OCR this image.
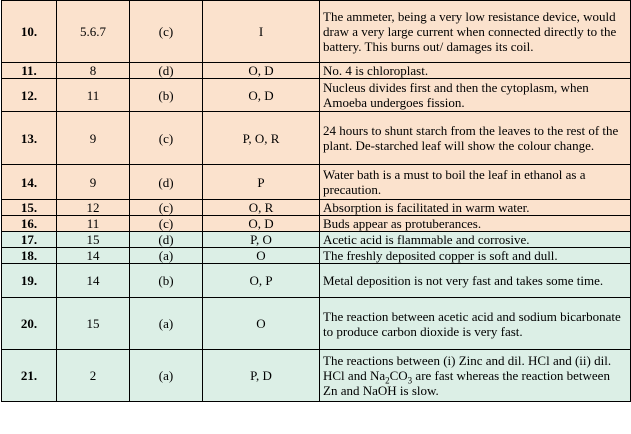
10.	5.6.7	(c)	I	The ammeter, being a very low resistance device, would draw a very large current when connected directly to the battery. This burns out/ damages its coil.
11.	8	(d)	O, D	No. 4 is chloroplast.
12.	11	(b)	O, D	Nucleus divides first and then the cytoplasm, when Amoeba undergoes fission.
13.	9	(c)	P, O, R	24 hours to shunt starch from the leaves to the rest of the plant. De-starched leaf will show the colour change.
14.	9	(d)	P	Water bath is a must to boil the leaf in ethanol as a precaution.
15.	12	(c)	O, R	Absorption is facilitated in warm water.
16.	11	(c)	O, D	Buds appear as protuberances.
17.	15	(d)	P, O	Acetic acid is flammable and corrosive.
18.	14	(a)	O	The freshly deposited copper is soft and dull.
19.	14	(b)	O, P	Metal deposition is not very fast and takes some time.
20.	15	(a)	O	The reaction between acetic acid and sodium bicarbonate to produce carbon dioxide is very fast.
21.	2	(a)	P, D	The reactions between (i) Zinc and dil. HCl and (ii) dil. HCl and $Na_2CO_3$ are fast whereas the reaction between Zn and NaOH is slow.
